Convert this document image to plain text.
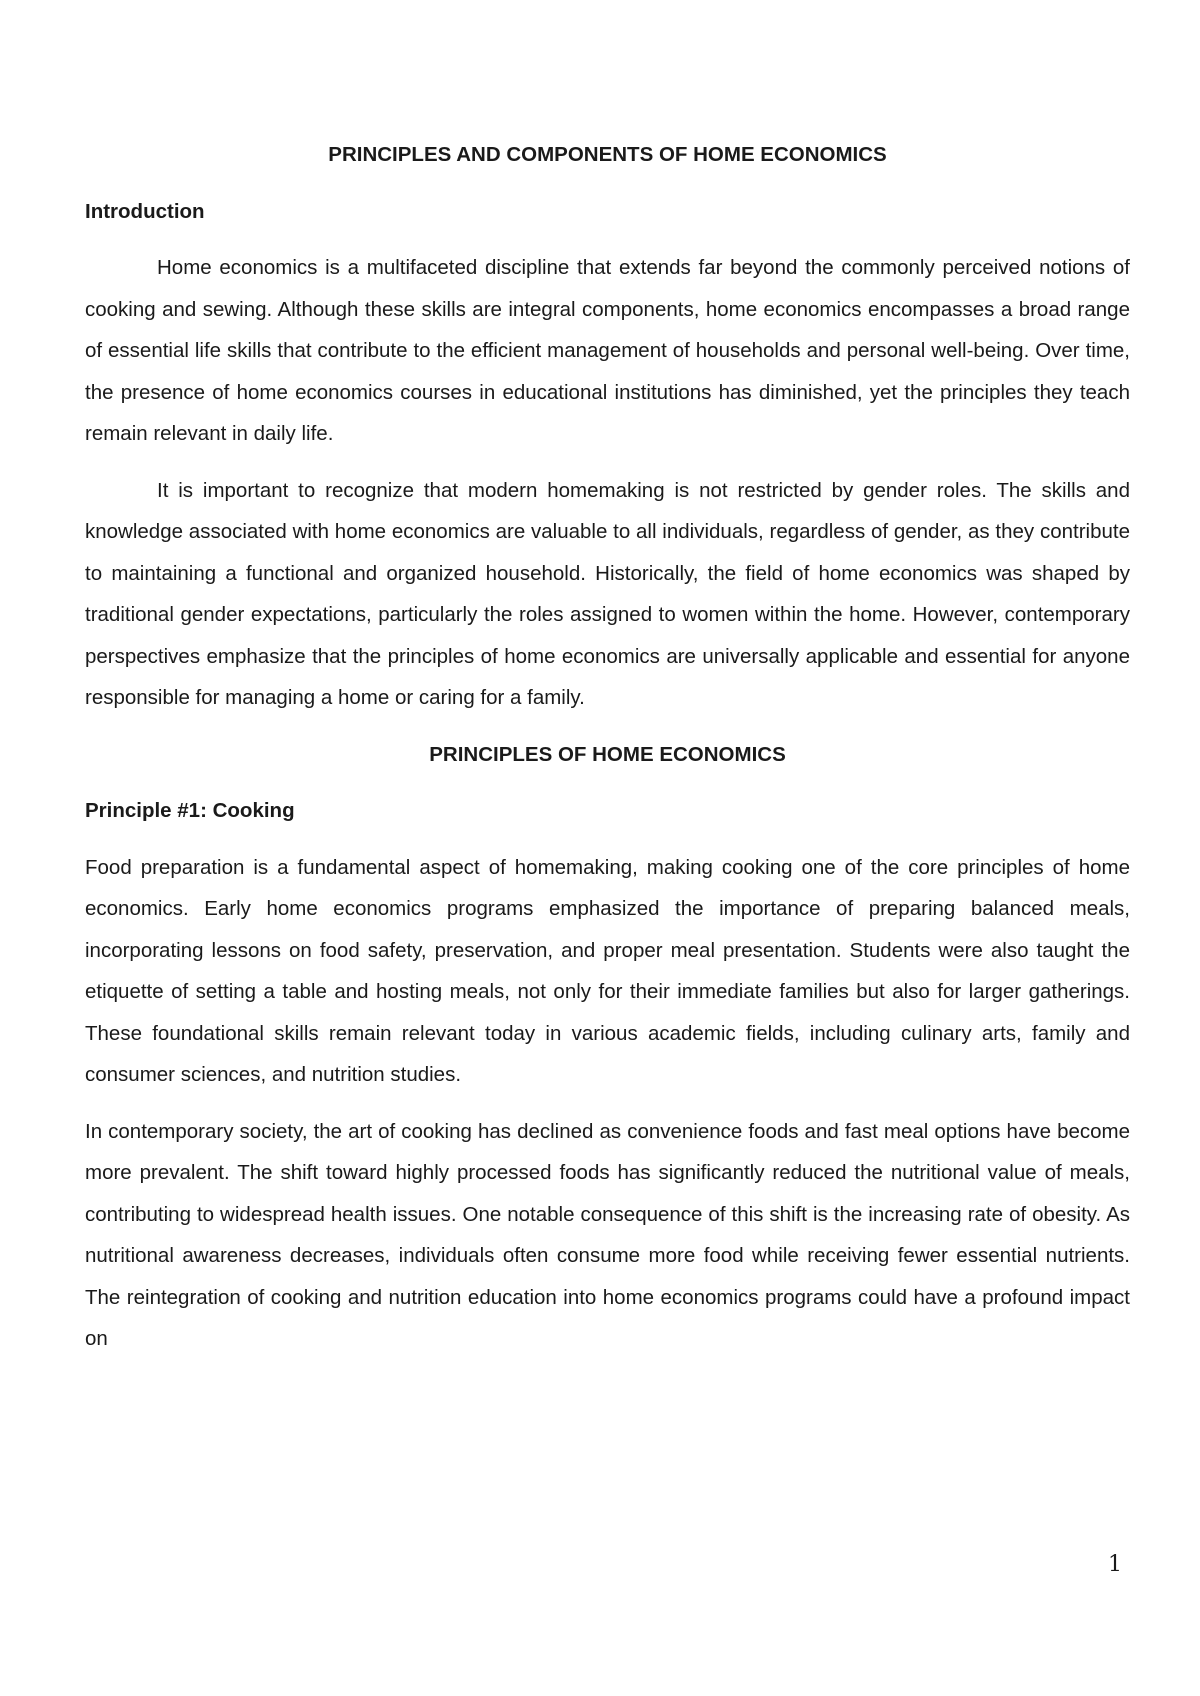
PRINCIPLES AND COMPONENTS OF HOME ECONOMICS
Introduction

Home economics is a multifaceted discipline that extends far beyond the commonly perceived notions of cooking and sewing. Although these skills are integral components, home economics encompasses a broad range of essential life skills that contribute to the efficient management of households and personal well-being. Over time, the presence of home economics courses in educational institutions has diminished, yet the principles they teach remain relevant in daily life.

It is important to recognize that modern homemaking is not restricted by gender roles. The skills and knowledge associated with home economics are valuable to all individuals, regardless of gender, as they contribute to maintaining a functional and organized household. Historically, the field of home economics was shaped by traditional gender expectations, particularly the roles assigned to women within the home. However, contemporary perspectives emphasize that the principles of home economics are universally applicable and essential for anyone responsible for managing a home or caring for a family.

PRINCIPLES OF HOME ECONOMICS
Principle #1: Cooking

Food preparation is a fundamental aspect of homemaking, making cooking one of the core principles of home economics. Early home economics programs emphasized the importance of preparing balanced meals, incorporating lessons on food safety, preservation, and proper meal presentation. Students were also taught the etiquette of setting a table and hosting meals, not only for their immediate families but also for larger gatherings. These foundational skills remain relevant today in various academic fields, including culinary arts, family and consumer sciences, and nutrition studies.

In contemporary society, the art of cooking has declined as convenience foods and fast meal options have become more prevalent. The shift toward highly processed foods has significantly reduced the nutritional value of meals, contributing to widespread health issues. One notable consequence of this shift is the increasing rate of obesity. As nutritional awareness decreases, individuals often consume more food while receiving fewer essential nutrients. The reintegration of cooking and nutrition education into home economics programs could have a profound impact on

1
